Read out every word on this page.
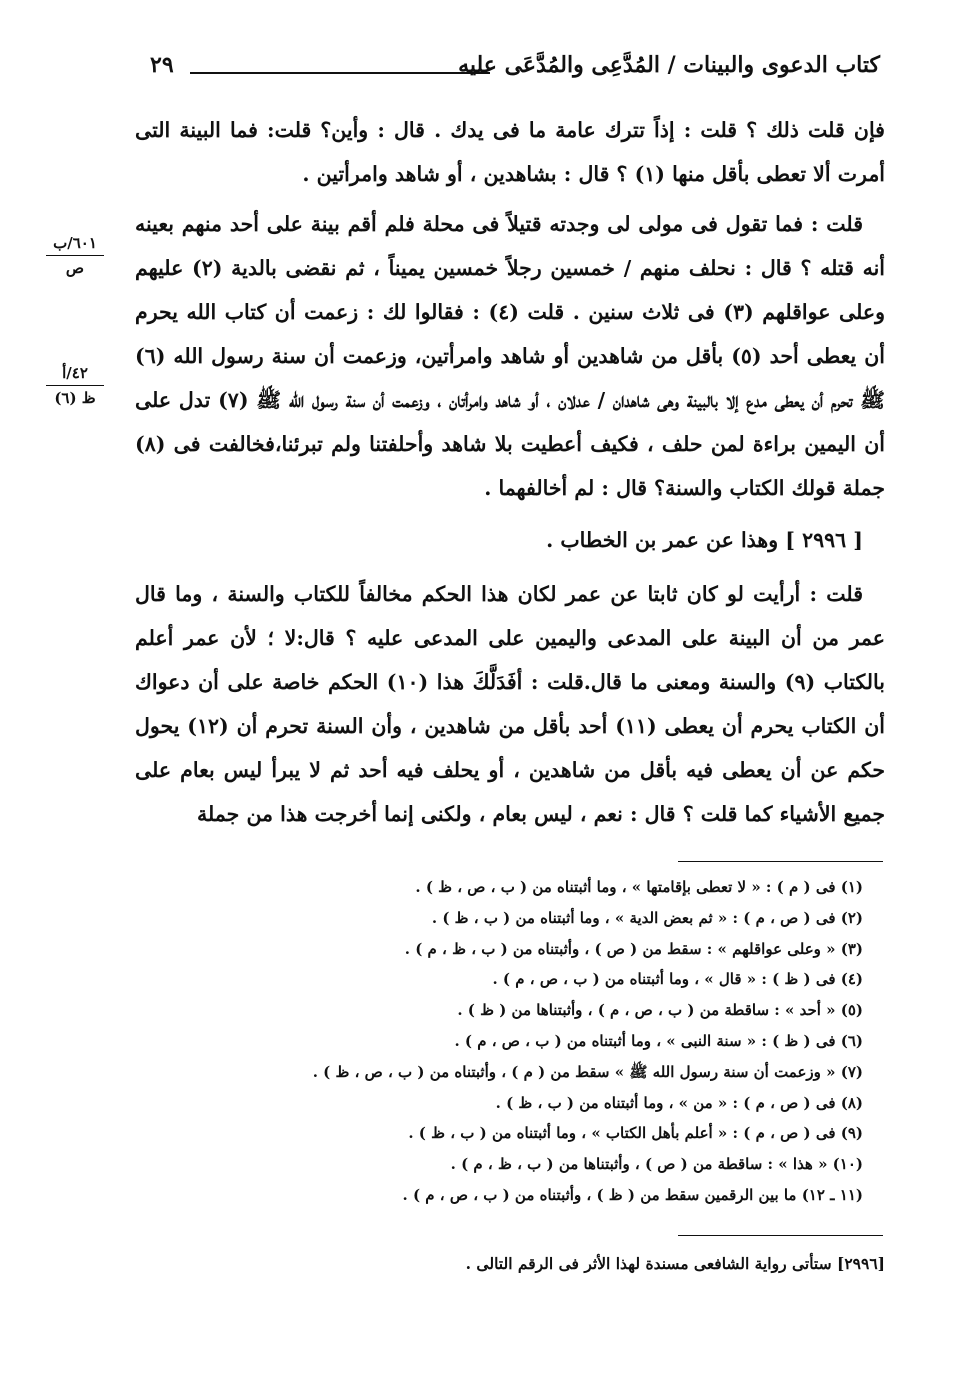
كتاب الدعوى والبينات / المُدَّعِى والمُدَّعَى عليه
٢٩
٦٠١/ب
ص
٤٢/أ
ظ (٦)

فإن قلت ذلك ؟ قلت : إذاً تترك عامة ما فى يدك . قال : وأين؟ قلت: فما البينة التى أمرت ألا تعطى بأقل منها (١) ؟ قال : بشاهدين ، أو شاهد وامرأتين .

قلت : فما تقول فى مولى لى وجدته قتيلاً فى محلة فلم أقم بينة على أحد منهم بعينه أنه قتله ؟ قال : نحلف منهم / خمسين رجلاً خمسين يميناً ، ثم نقضى بالدية (٢) عليهم وعلى عواقلهم (٣) فى ثلاث سنين . قلت (٤) : فقالوا لك : زعمت أن كتاب الله يحرم أن يعطى أحد (٥) بأقل من شاهدين أو شاهد وامرأتين، وزعمت أن سنة رسول الله (٦) ﷺ تحرم أن يعطى مدع إلا بالبينة وهى شاهدان / عدلان ، أو شاهد وامرأتان ، وزعمت أن سنة رسول الله ﷺ (٧) تدل على أن اليمين براءة لمن حلف ، فكيف أعطيت بلا شاهد وأحلفتنا ولم تبرئنا،فخالفت فى (٨) جملة قولك الكتاب والسنة؟ قال : لم أخالفهما .

[ ٢٩٩٦ ] وهذا عن عمر بن الخطاب .

قلت : أرأيت لو كان ثابتا عن عمر لكان هذا الحكم مخالفاً للكتاب والسنة ، وما قال عمر من أن البينة على المدعى واليمين على المدعى عليه ؟ قال:لا ؛ لأن عمر أعلم بالكتاب (٩) والسنة ومعنى ما قال.قلت : أفَدَلَّكَ هذا (١٠) الحكم خاصة على أن دعواك أن الكتاب يحرم أن يعطى (١١) أحد بأقل من شاهدين ، وأن السنة تحرم أن (١٢) يحول حكم عن أن يعطى فيه بأقل من شاهدين ، أو يحلف فيه أحد ثم لا يبرأ ليس بعام على جميع الأشياء كما قلت ؟ قال : نعم ، ليس بعام ، ولكنى إنما أخرجت هذا من جملة

(١) فى ( م ) : « لا تعطى بإقامتها » ، وما أثبتناه من ( ب ، ص ، ظ ) .

(٢) فى ( ص ، م ) : « ثم بعض الدية » ، وما أثبتناه من ( ب ، ظ ) .

(٣) « وعلى عواقلهم » : سقط من ( ص ) ، وأثبتناه من ( ب ، ظ ، م ) .

(٤) فى ( ظ ) : « قال » ، وما أثبتناه من ( ب ، ص ، م ) .

(٥) « أحد » : ساقطة من ( ب ، ص ، م ) ، وأثبتناها من ( ظ ) .

(٦) فى ( ظ ) : « سنة النبى » ، وما أثبتناه من ( ب ، ص ، م ) .

(٧) « وزعمت أن سنة رسول الله ﷺ » سقط من ( م ) ، وأثبتناه من ( ب ، ص ، ظ ) .

(٨) فى ( ص ، م ) : « من » ، وما أثبتناه من ( ب ، ظ ) .

(٩) فى ( ص ، م ) : « أعلم بأهل الكتاب » ، وما أثبتناه من ( ب ، ظ ) .

(١٠) « هذا » : ساقطة من ( ص ) ، وأثبتناها من ( ب ، ظ ، م ) .

(١١ ـ ١٢) ما بين الرقمين سقط من ( ظ ) ، وأثبتناه من ( ب ، ص ، م ) .

[٢٩٩٦] ستأتى رواية الشافعى مسندة لهذا الأثر فى الرقم التالى .
